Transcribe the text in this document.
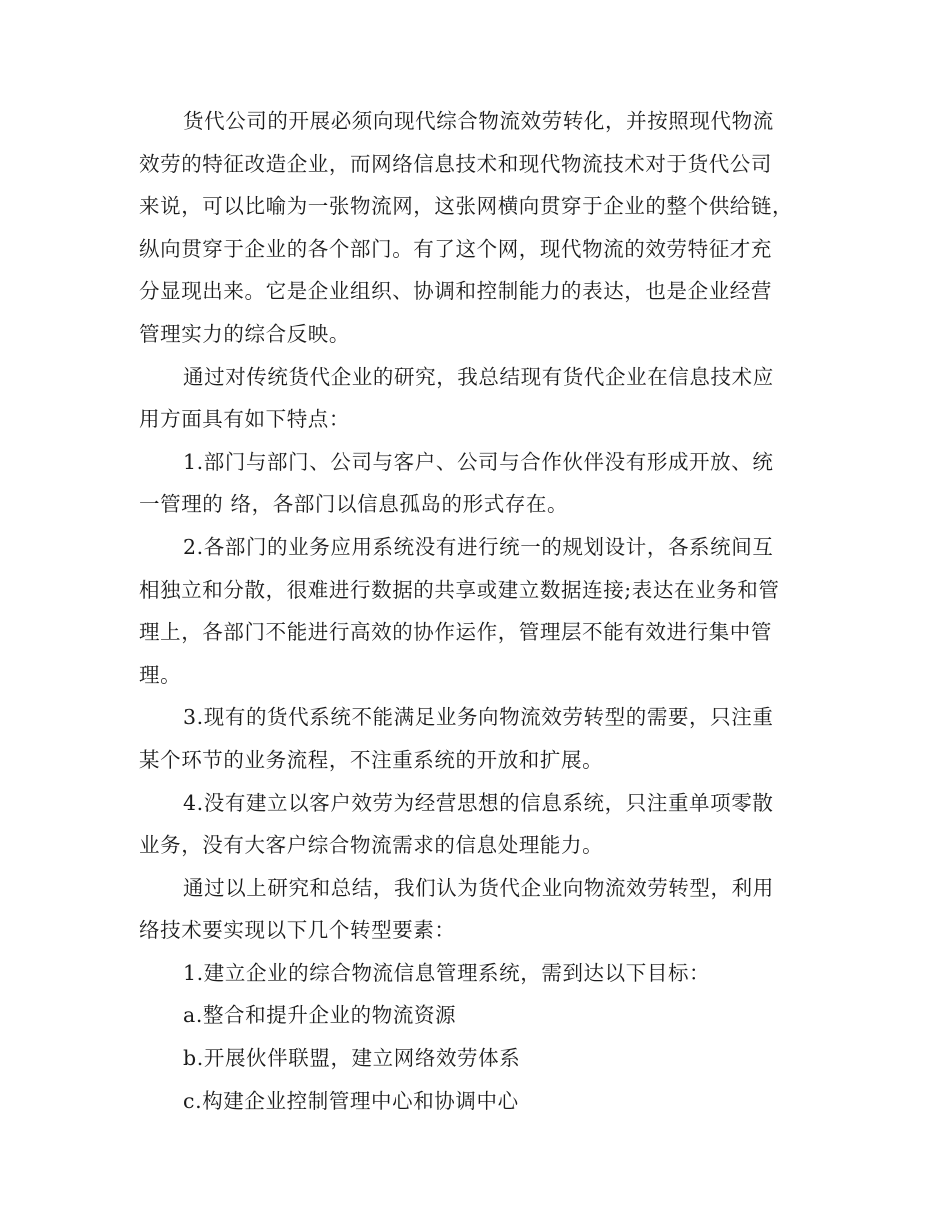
货代公司的开展必须向现代综合物流效劳转化，并按照现代物流
效劳的特征改造企业，而网络信息技术和现代物流技术对于货代公司
来说，可以比喻为一张物流网，这张网横向贯穿于企业的整个供给链，
纵向贯穿于企业的各个部门。有了这个网，现代物流的效劳特征才充
分显现出来。它是企业组织、协调和控制能力的表达，也是企业经营
管理实力的综合反映。
通过对传统货代企业的研究，我总结现有货代企业在信息技术应
用方面具有如下特点：
1.部门与部门、公司与客户、公司与合作伙伴没有形成开放、统
一管理的 络，各部门以信息孤岛的形式存在。
2.各部门的业务应用系统没有进行统一的规划设计，各系统间互
相独立和分散，很难进行数据的共享或建立数据连接;表达在业务和管
理上，各部门不能进行高效的协作运作，管理层不能有效进行集中管
理。
3.现有的货代系统不能满足业务向物流效劳转型的需要，只注重
某个环节的业务流程，不注重系统的开放和扩展。
4.没有建立以客户效劳为经营思想的信息系统，只注重单项零散
业务，没有大客户综合物流需求的信息处理能力。
通过以上研究和总结，我们认为货代企业向物流效劳转型，利用
络技术要实现以下几个转型要素：
1.建立企业的综合物流信息管理系统，需到达以下目标：
a.整合和提升企业的物流资源
b.开展伙伴联盟，建立网络效劳体系
c.构建企业控制管理中心和协调中心
